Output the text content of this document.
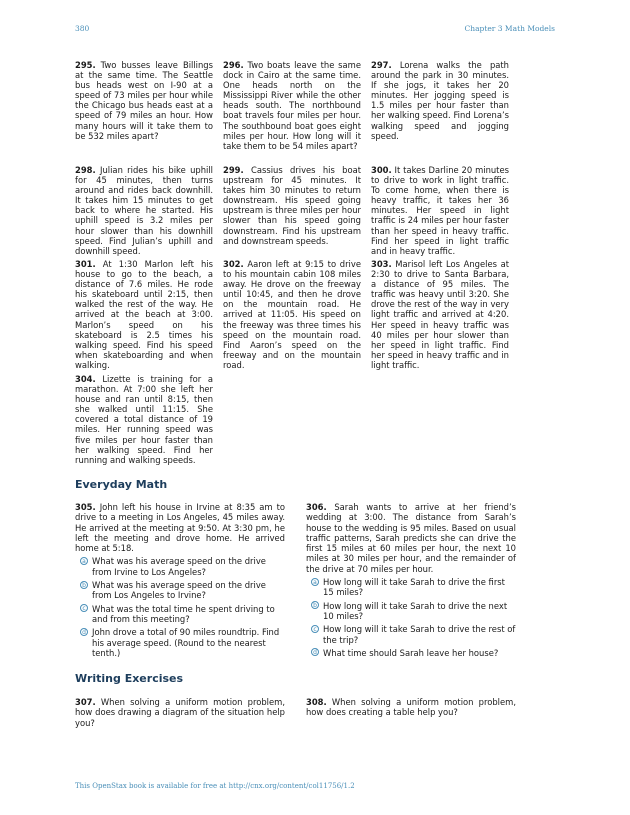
380	Chapter 3 Math Models
295. Two busses leave Billings at the same time. The Seattle bus heads west on I-90 at a speed of 73 miles per hour while the Chicago bus heads east at a speed of 79 miles an hour. How many hours will it take them to be 532 miles apart?
296. Two boats leave the same dock in Cairo at the same time. One heads north on the Mississippi River while the other heads south. The northbound boat travels four miles per hour. The southbound boat goes eight miles per hour. How long will it take them to be 54 miles apart?
297. Lorena walks the path around the park in 30 minutes. If she jogs, it takes her 20 minutes. Her jogging speed is 1.5 miles per hour faster than her walking speed. Find Lorena’s walking speed and jogging speed.
298. Julian rides his bike uphill for 45 minutes, then turns around and rides back downhill. It takes him 15 minutes to get back to where he started. His uphill speed is 3.2 miles per hour slower than his downhill speed. Find Julian’s uphill and downhill speed.
299. Cassius drives his boat upstream for 45 minutes. It takes him 30 minutes to return downstream. His speed going upstream is three miles per hour slower than his speed going downstream. Find his upstream and downstream speeds.
300. It takes Darline 20 minutes to drive to work in light traffic. To come home, when there is heavy traffic, it takes her 36 minutes. Her speed in light traffic is 24 miles per hour faster than her speed in heavy traffic. Find her speed in light traffic and in heavy traffic.
301. At 1:30 Marlon left his house to go to the beach, a distance of 7.6 miles. He rode his skateboard until 2:15, then walked the rest of the way. He arrived at the beach at 3:00. Marlon’s speed on his skateboard is 2.5 times his walking speed. Find his speed when skateboarding and when walking.
302. Aaron left at 9:15 to drive to his mountain cabin 108 miles away. He drove on the freeway until 10:45, and then he drove on the mountain road. He arrived at 11:05. His speed on the freeway was three times his speed on the mountain road. Find Aaron’s speed on the freeway and on the mountain road.
303. Marisol left Los Angeles at 2:30 to drive to Santa Barbara, a distance of 95 miles. The traffic was heavy until 3:20. She drove the rest of the way in very light traffic and arrived at 4:20. Her speed in heavy traffic was 40 miles per hour slower than her speed in light traffic. Find her speed in heavy traffic and in light traffic.
304. Lizette is training for a marathon. At 7:00 she left her house and ran until 8:15, then she walked until 11:15. She covered a total distance of 19 miles. Her running speed was five miles per hour faster than her walking speed. Find her running and walking speeds.
Everyday Math
305. John left his house in Irvine at 8:35 am to drive to a meeting in Los Angeles, 45 miles away. He arrived at the meeting at 9:50. At 3:30 pm, he left the meeting and drove home. He arrived home at 5:18.
a What was his average speed on the drive from Irvine to Los Angeles?
b What was his average speed on the drive from Los Angeles to Irvine?
c What was the total time he spent driving to and from this meeting?
d John drove a total of 90 miles roundtrip. Find his average speed. (Round to the nearest tenth.)
306. Sarah wants to arrive at her friend’s wedding at 3:00. The distance from Sarah’s house to the wedding is 95 miles. Based on usual traffic patterns, Sarah predicts she can drive the first 15 miles at 60 miles per hour, the next 10 miles at 30 miles per hour, and the remainder of the drive at 70 miles per hour.
a How long will it take Sarah to drive the first 15 miles?
b How long will it take Sarah to drive the next 10 miles?
c How long will it take Sarah to drive the rest of the trip?
d What time should Sarah leave her house?
Writing Exercises
307. When solving a uniform motion problem, how does drawing a diagram of the situation help you?
308. When solving a uniform motion problem, how does creating a table help you?
This OpenStax book is available for free at http://cnx.org/content/col11756/1.2
